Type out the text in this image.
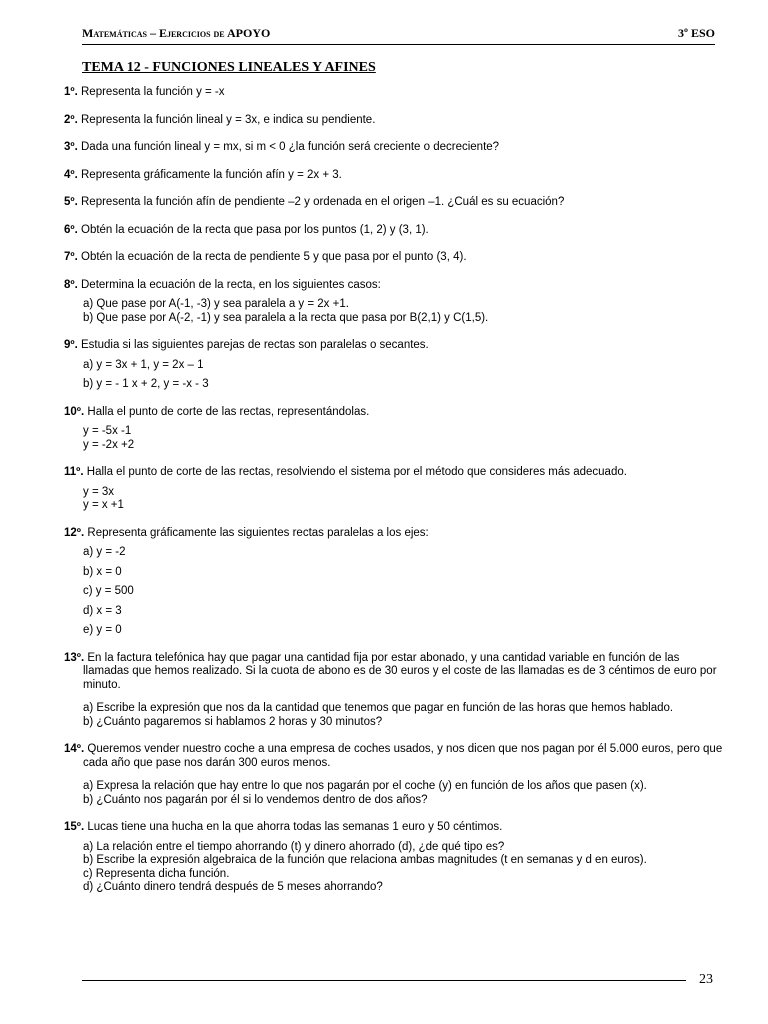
Matemáticas – Ejercicios de APOYO	3º ESO
TEMA 12 - FUNCIONES LINEALES Y AFINES
1º. Representa la función y = -x
2º. Representa la función lineal y = 3x, e indica su pendiente.
3º. Dada una función lineal y = mx, si m < 0 ¿la función será creciente o decreciente?
4º. Representa gráficamente la función afín y = 2x + 3.
5º. Representa la función afín de pendiente –2 y ordenada en el origen –1. ¿Cuál es su ecuación?
6º. Obtén la ecuación de la recta que pasa por los puntos (1, 2) y (3, 1).
7º. Obtén la ecuación de la recta de pendiente 5 y que pasa por el punto (3, 4).
8º. Determina la ecuación de la recta, en los siguientes casos:
a) Que pase por A(-1, -3) y sea paralela a y = 2x +1.
b) Que pase por A(-2, -1) y sea paralela a la recta que pasa por B(2,1) y C(1,5).
9º. Estudia si las siguientes parejas de rectas son paralelas o secantes.
a) y = 3x + 1, y = 2x – 1
b) y = - 1 x + 2, y = -x - 3
10º. Halla el punto de corte de las rectas, representándolas.
y = -5x -1
y = -2x +2
11º. Halla el punto de corte de las rectas, resolviendo el sistema por el método que consideres más adecuado.
y = 3x
y = x +1
12º. Representa gráficamente las siguientes rectas paralelas a los ejes:
a) y = -2
b) x = 0
c) y = 500
d) x = 3
e) y = 0
13º. En la factura telefónica hay que pagar una cantidad fija por estar abonado, y una cantidad variable en función de las llamadas que hemos realizado. Si la cuota de abono es de 30 euros y el coste de las llamadas es de 3 céntimos de euro por minuto.
a) Escribe la expresión que nos da la cantidad que tenemos que pagar en función de las horas que hemos hablado.
b) ¿Cuánto pagaremos si hablamos 2 horas y 30 minutos?
14º. Queremos vender nuestro coche a una empresa de coches usados, y nos dicen que nos pagan por él 5.000 euros, pero que cada año que pase nos darán 300 euros menos.
a) Expresa la relación que hay entre lo que nos pagarán por el coche (y) en función de los años que pasen (x).
b) ¿Cuánto nos pagarán por él si lo vendemos dentro de dos años?
15º. Lucas tiene una hucha en la que ahorra todas las semanas 1 euro y 50 céntimos.
a) La relación entre el tiempo ahorrando (t) y dinero ahorrado (d), ¿de qué tipo es?
b) Escribe la expresión algebraica de la función que relaciona ambas magnitudes (t en semanas y d en euros).
c) Representa dicha función.
d) ¿Cuánto dinero tendrá después de 5 meses ahorrando?
23
